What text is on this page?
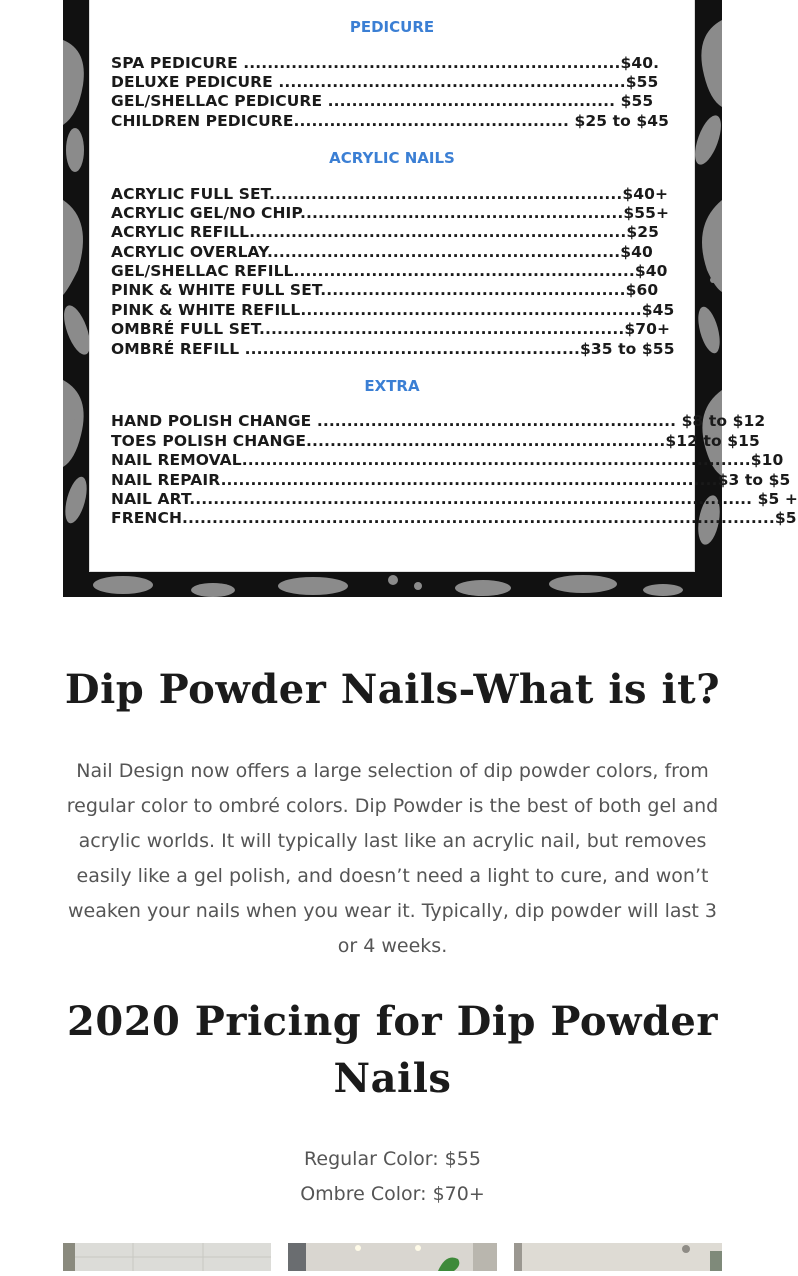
PEDICURE
SPA PEDICURE ...............................................................$40.
DELUXE PEDICURE ..........................................................$55
GEL/SHELLAC PEDICURE ................................................ $55
CHILDREN PEDICURE.............................................. $25 to $45
ACRYLIC NAILS
ACRYLIC FULL SET...........................................................$40+
ACRYLIC GEL/NO CHIP......................................................$55+
ACRYLIC REFILL...............................................................$25
ACRYLIC OVERLAY...........................................................$40
GEL/SHELLAC REFILL.........................................................$40
PINK & WHITE FULL SET...................................................$60
PINK & WHITE REFILL.........................................................$45
OMBRÉ FULL SET.............................................................$70+
OMBRÉ REFILL ........................................................$35 to $55
EXTRA
HAND POLISH CHANGE ............................................................ $8 to $12
TOES POLISH CHANGE............................................................$12 to $15
NAIL REMOVAL.....................................................................................$10
NAIL REPAIR...................................................................................$3 to $5
NAIL ART.............................................................................................. $5 +
FRENCH...................................................................................................$5
Dip Powder Nails-What is it?

Nail Design now offers a large selection of dip powder colors, from regular color to ombré colors. Dip Powder is the best of both gel and acrylic worlds. It will typically last like an acrylic nail, but removes easily like a gel polish, and doesn’t need a light to cure, and won’t weaken your nails when you wear it. Typically, dip powder will last 3 or 4 weeks.

2020 Pricing for Dip Powder
Nails
Regular Color: $55
Ombre Color: $70+
